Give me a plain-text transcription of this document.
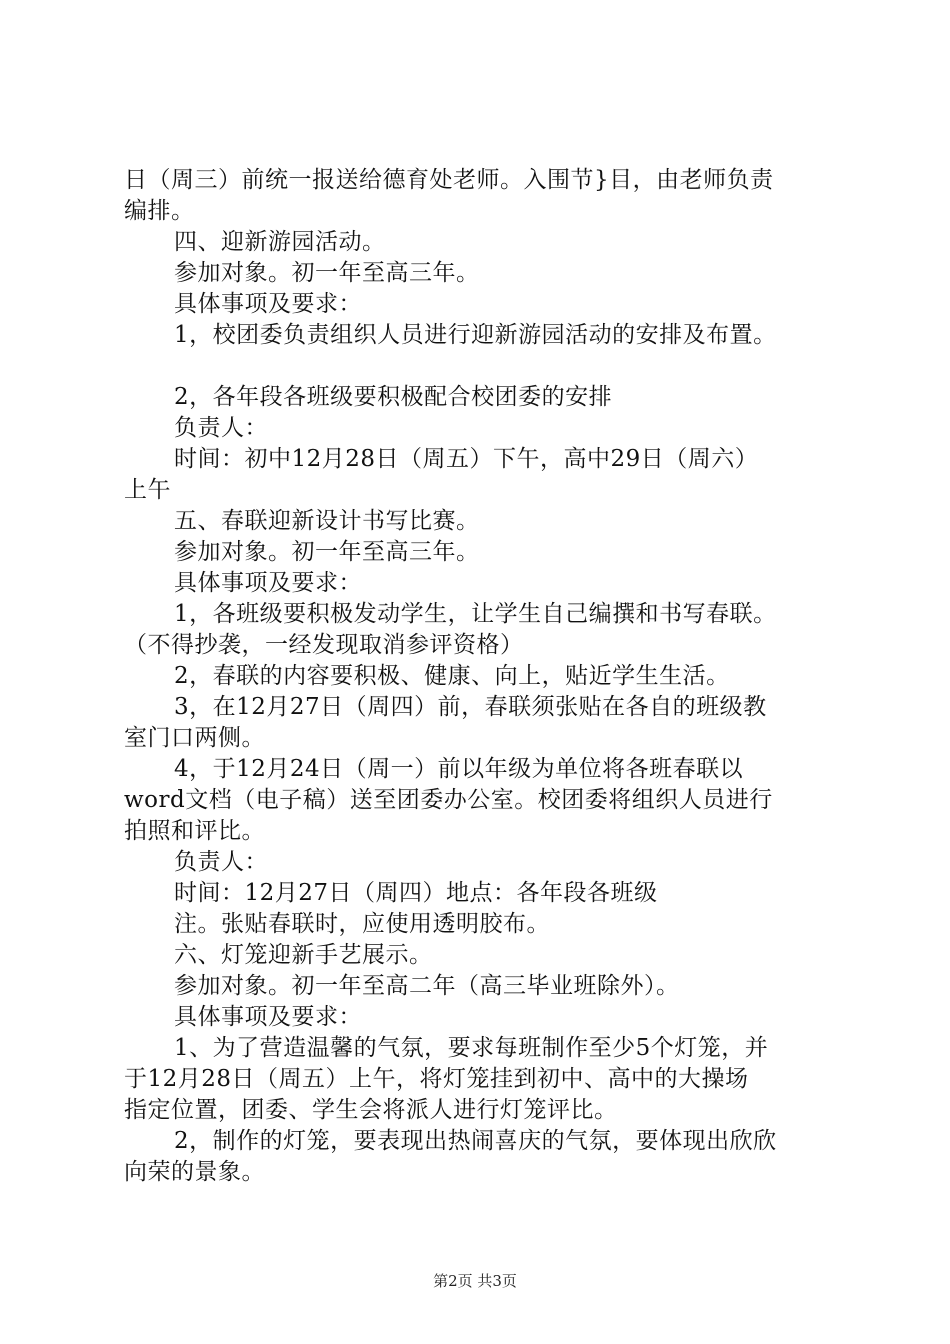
日（周三）前统一报送给德育处老师。入围节}目，由老师负责
编排。
四、迎新游园活动。
参加对象。初一年至高三年。
具体事项及要求：
1，校团委负责组织人员进行迎新游园活动的安排及布置。
2，各年段各班级要积极配合校团委的安排
负责人：
时间：初中12月28日（周五）下午，高中29日（周六）
上午
五、春联迎新设计书写比赛。
参加对象。初一年至高三年。
具体事项及要求：
1，各班级要积极发动学生，让学生自己编撰和书写春联。
（不得抄袭，一经发现取消参评资格）
2，春联的内容要积极、健康、向上，贴近学生生活。
3，在12月27日（周四）前，春联须张贴在各自的班级教
室门口两侧。
4，于12月24日（周一）前以年级为单位将各班春联以
word文档（电子稿）送至团委办公室。校团委将组织人员进行
拍照和评比。
负责人：
时间：12月27日（周四）地点：各年段各班级
注。张贴春联时，应使用透明胶布。
六、灯笼迎新手艺展示。
参加对象。初一年至高二年（高三毕业班除外）。
具体事项及要求：
1、为了营造温馨的气氛，要求每班制作至少5个灯笼，并
于12月28日（周五）上午，将灯笼挂到初中、高中的大操场
指定位置，团委、学生会将派人进行灯笼评比。
2，制作的灯笼，要表现出热闹喜庆的气氛，要体现出欣欣
向荣的景象。
第2页 共3页
